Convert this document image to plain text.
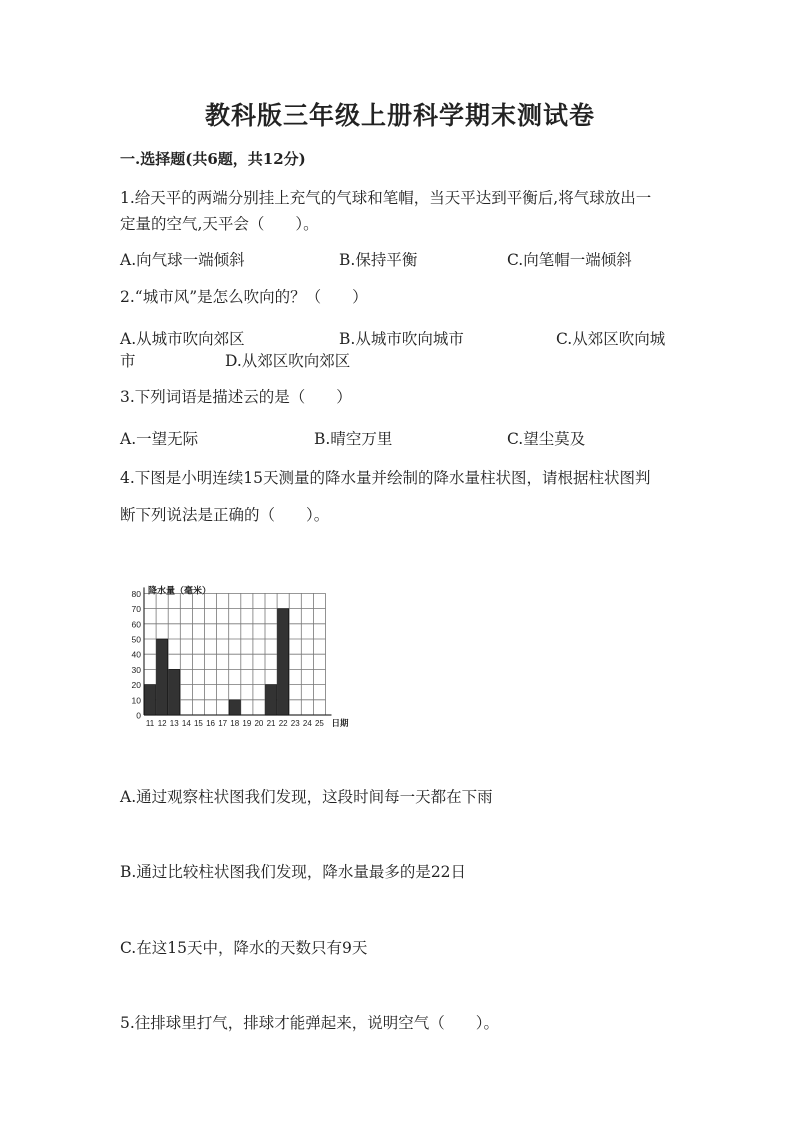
教科版三年级上册科学期末测试卷
一.选择题(共6题，共12分)
1.给天平的两端分别挂上充气的气球和笔帽，当天平达到平衡后,将气球放出一
定量的空气,天平会（　　）。
A.向气球一端倾斜	B.保持平衡	C.向笔帽一端倾斜
2.“城市风”是怎么吹向的？（　　）
A.从城市吹向郊区	B.从城市吹向城市	C.从郊区吹向城
市	D.从郊区吹向郊区
3.下列词语是描述云的是（　　）
A.一望无际	B.晴空万里	C.望尘莫及
4.下图是小明连续15天测量的降水量并绘制的降水量柱状图，请根据柱状图判
断下列说法是正确的（　　）。
0
10
20
30
40
50
60
70
80
11 12 13 14 15 16 17 18 19 20 21 22 23 24 25
降水量（毫米）
日期
A.通过观察柱状图我们发现，这段时间每一天都在下雨
B.通过比较柱状图我们发现，降水量最多的是22日
C.在这15天中，降水的天数只有9天
5.往排球里打气，排球才能弹起来，说明空气（　　）。
